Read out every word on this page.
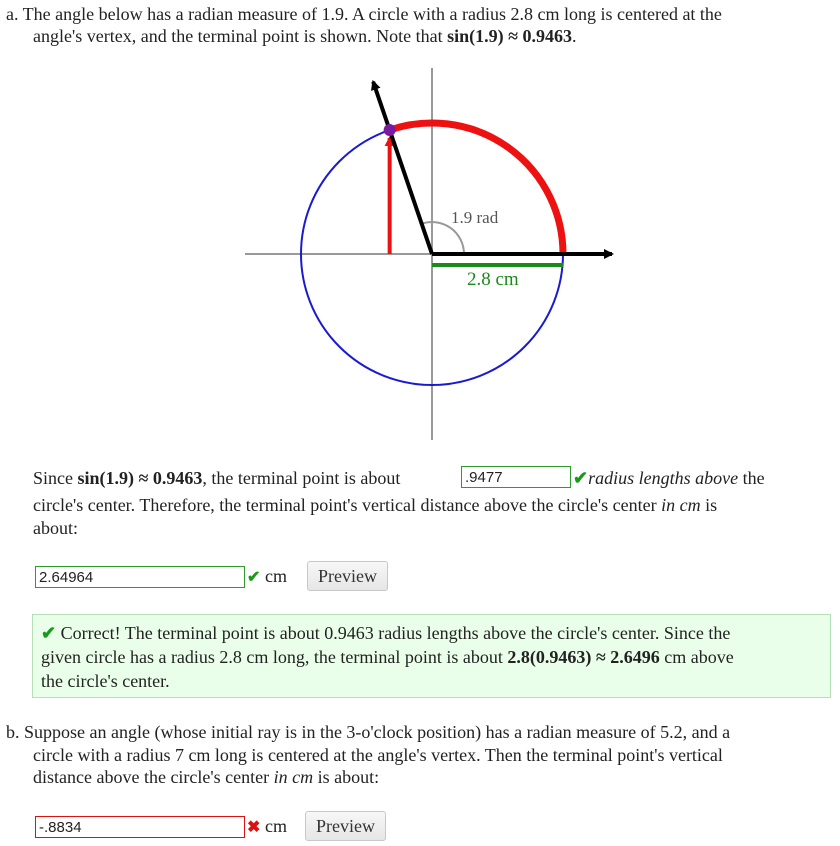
a. The angle below has a radian measure of 1.9. A circle with a radius 2.8 cm long is centered at the
angle's vertex, and the terminal point is shown. Note that sin(1.9) ≈ 0.9463.
1.9 rad
2.8 cm
Since sin(1.9) ≈ 0.9463, the terminal point is about
.9477	✔radius lengths above the
circle's center. Therefore, the terminal point's vertical distance above the circle's center in cm is
about:
2.64964
✔ cm	Preview
✔ Correct! The terminal point is about 0.9463 radius lengths above the circle's center. Since the
given circle has a radius 2.8 cm long, the terminal point is about 2.8(0.9463) ≈ 2.6496 cm above
the circle's center.
b. Suppose an angle (whose initial ray is in the 3-o'clock position) has a radian measure of 5.2, and a
circle with a radius 7 cm long is centered at the angle's vertex. Then the terminal point's vertical
distance above the circle's center in cm is about:
-.8834
✖ cm	Preview
